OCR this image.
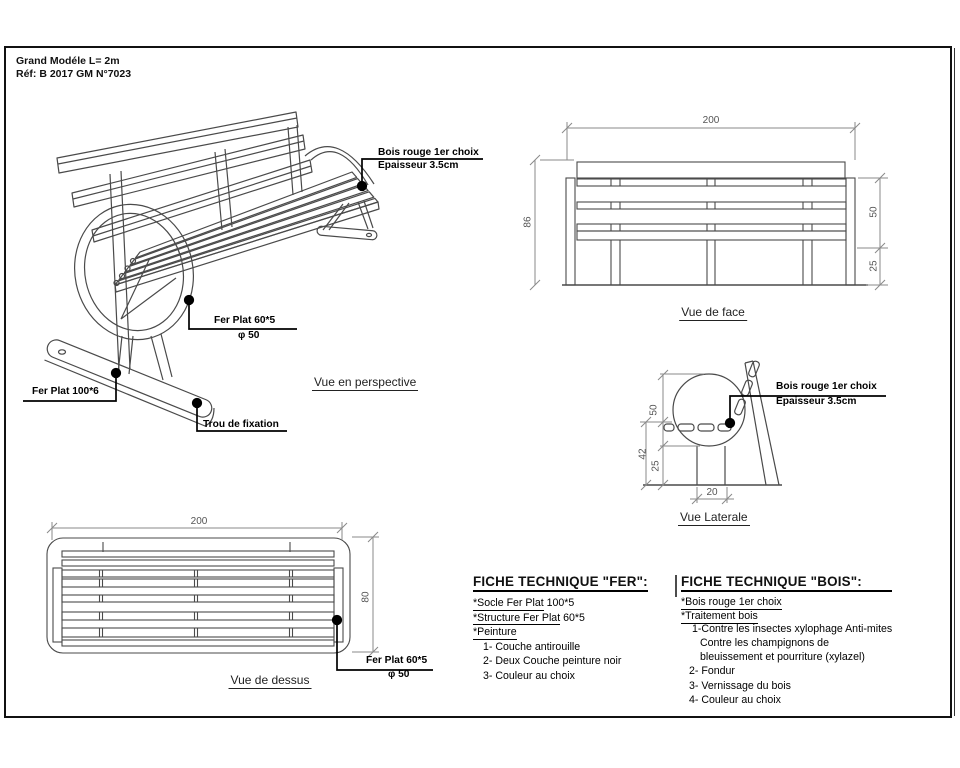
Grand Modéle L= 2m
Réf: B 2017 GM N°7023
Bois rouge 1er choix
Epaisseur 3.5cm
Fer Plat 60*5
φ 50
Fer Plat 100*6
Trou de fixation
Vue en perspective
200
86
50
25
Vue de face
50
42
25
20
Bois rouge 1er choix
Epaisseur 3.5cm
Vue Laterale
200
80
Fer Plat 60*5
φ 50
Vue de dessus
FICHE TECHNIQUE "FER":
*Socle Fer Plat 100*5
*Structure Fer Plat 60*5
*Peinture
1- Couche antirouille
2- Deux Couche peinture noir
3- Couleur au choix
FICHE TECHNIQUE "BOIS":
*Bois rouge 1er choix
*Traitement bois
1-Contre les insectes xylophage Anti-mites
Contre les champignons de
bleuissement et pourriture (xylazel)
2- Fondur
3- Vernissage du bois
4- Couleur au choix
